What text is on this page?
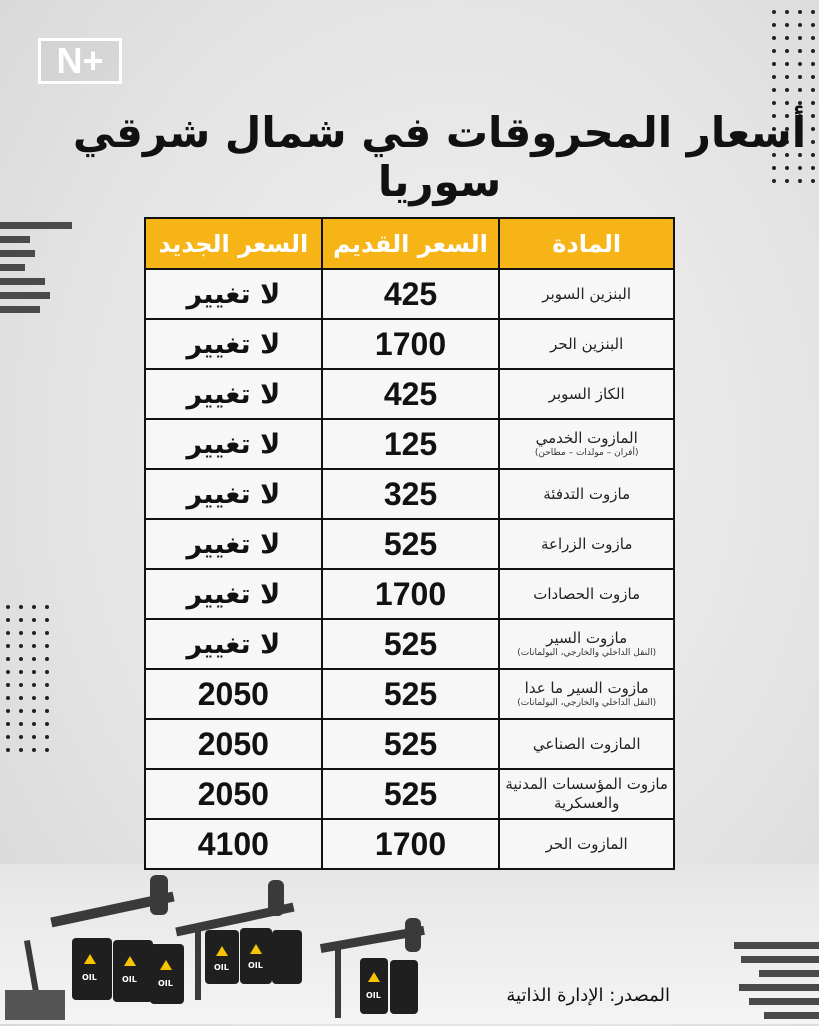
N+
أسعار المحروقات في شمال شرقي سوريا
المادة	السعر القديم	السعر الجديد
البنزين السوبر	425	لا تغيير
البنزين الحر	1700	لا تغيير
الكاز السوبر	425	لا تغيير
المازوت الخدمي
(أفران – مولدات – مطاحن)	125	لا تغيير
مازوت التدفئة	325	لا تغيير
مازوت الزراعة	525	لا تغيير
مازوت الحصادات	1700	لا تغيير
مازوت السير
(النقل الداخلي والخارجي، البولمانات)	525	لا تغيير
مازوت السير ما عدا
(النقل الداخلي والخارجي، البولمانات)	525	2050
المازوت الصناعي	525	2050
مازوت المؤسسات المدنية والعسكرية	525	2050
المازوت الحر	1700	4100
OIL	OIL	OIL
OIL OIL
OIL	المصدر: الإدارة الذاتية
